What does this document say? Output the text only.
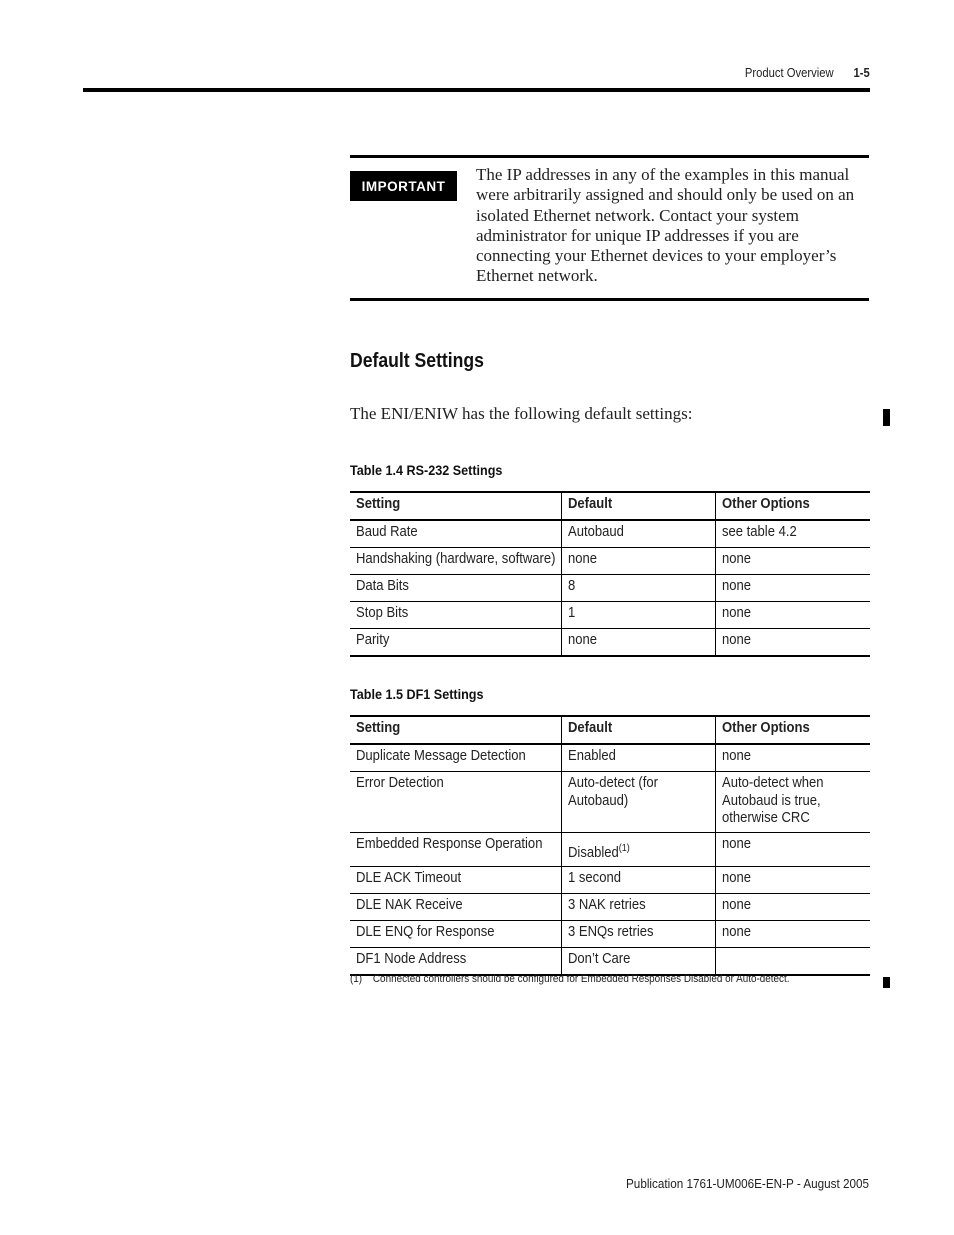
Product Overview 1-5
IMPORTANT
The IP addresses in any of the examples in this manual were arbitrarily assigned and should only be used on an isolated Ethernet network. Contact your system administrator for unique IP addresses if you are connecting your Ethernet devices to your employer’s Ethernet network.
Default Settings

The ENI/ENIW has the following default settings:

Table 1.4 RS-232 Settings

Setting	Default	Other Options
Baud Rate	Autobaud	see table 4.2
Handshaking (hardware, software)	none	none
Data Bits	8	none
Stop Bits	1	none
Parity	none	none

Table 1.5 DF1 Settings

Setting	Default	Other Options
Duplicate Message Detection	Enabled	none
Error Detection	Auto-detect (for Autobaud)	Auto-detect when Autobaud is true, otherwise CRC
Embedded Response Operation	Disabled$^{(1)}$	none
DLE ACK Timeout	1 second	none
DLE NAK Receive	3 NAK retries	none
DLE ENQ for Response	3 ENQs retries	none
DF1 Node Address	Don’t Care	

(1) Connected controllers should be configured for Embedded Responses Disabled or Auto-detect.

Publication 1761-UM006E-EN-P - August 2005
